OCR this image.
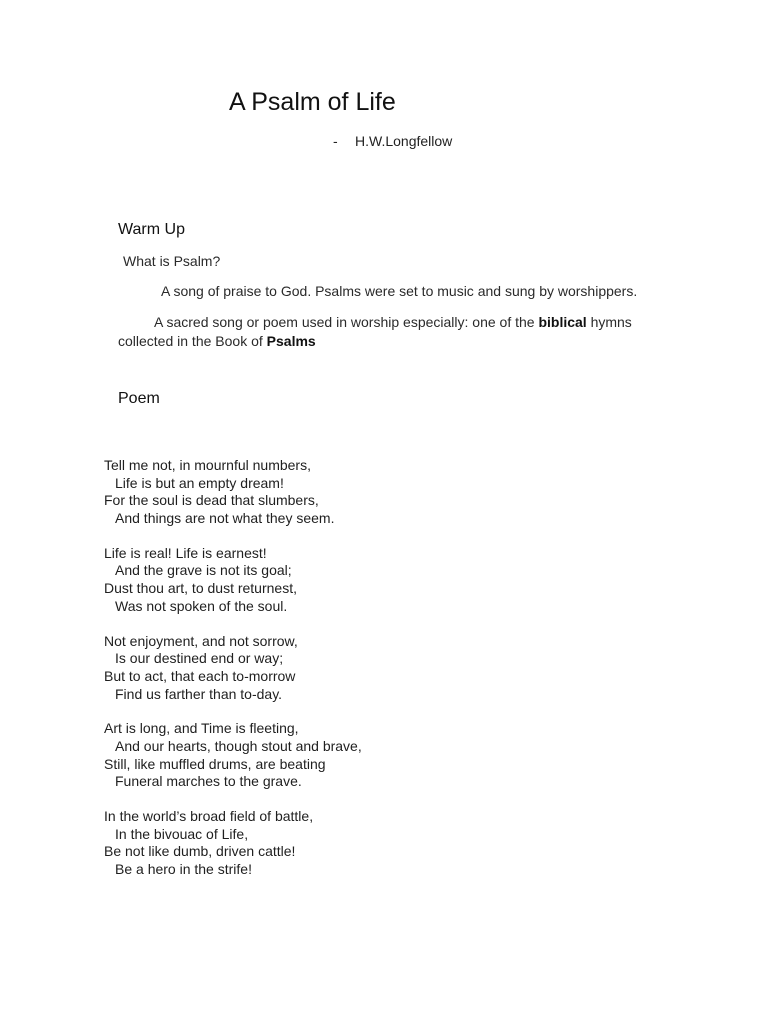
A Psalm of Life
- H.W.Longfellow
Warm Up
What is Psalm?
A song of praise to God. Psalms were set to music and sung by worshippers.
A sacred song or poem used in worship especially: one of the biblical hymns
collected in the Book of Psalms
Poem
Tell me not, in mournful numbers,
Life is but an empty dream!
For the soul is dead that slumbers,
And things are not what they seem.
Life is real! Life is earnest!
And the grave is not its goal;
Dust thou art, to dust returnest,
Was not spoken of the soul.
Not enjoyment, and not sorrow,
Is our destined end or way;
But to act, that each to-morrow
Find us farther than to-day.
Art is long, and Time is fleeting,
And our hearts, though stout and brave,
Still, like muffled drums, are beating
Funeral marches to the grave.
In the world’s broad field of battle,
In the bivouac of Life,
Be not like dumb, driven cattle!
Be a hero in the strife!
